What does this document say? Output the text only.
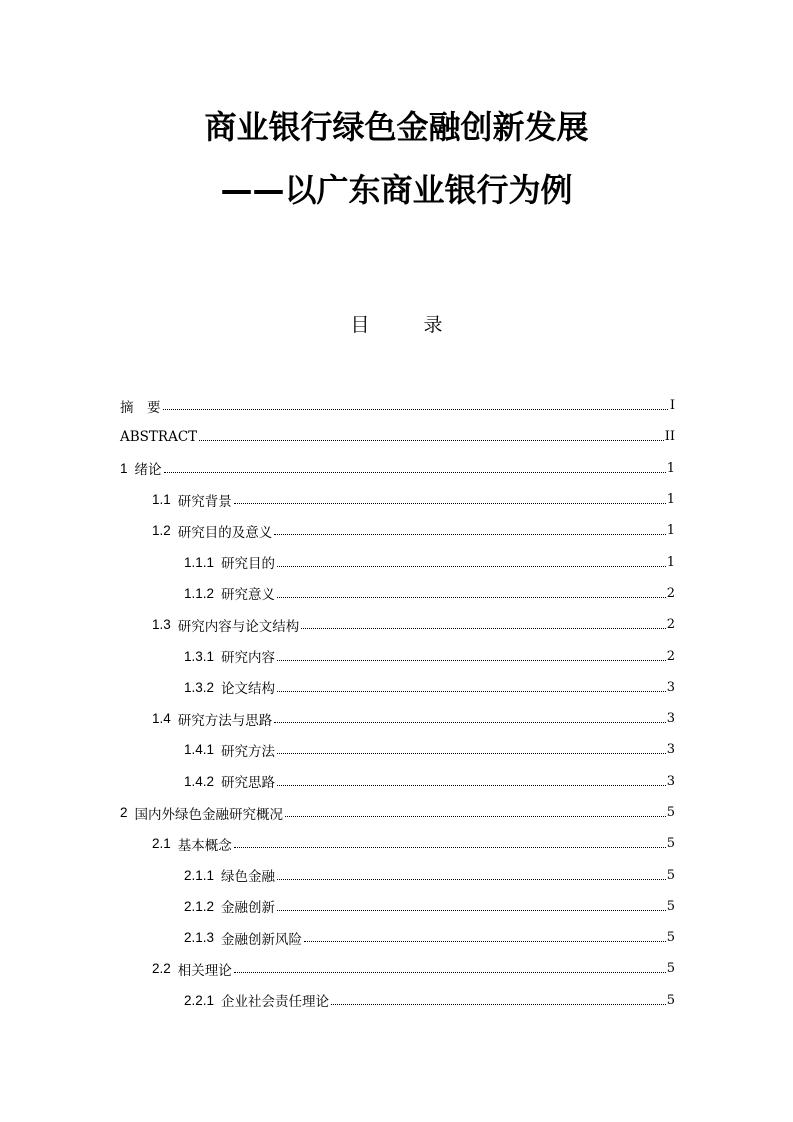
商业银行绿色金融创新发展
——以广东商业银行为例
目 录
摘　要	I
ABSTRACT	II
1 绪论	1
1.1 研究背景	1
1.2 研究目的及意义	1
1.1.1 研究目的	1
1.1.2 研究意义	2
1.3 研究内容与论文结构	2
1.3.1 研究内容	2
1.3.2 论文结构	3
1.4 研究方法与思路	3
1.4.1 研究方法	3
1.4.2 研究思路	3
2 国内外绿色金融研究概况	5
2.1 基本概念	5
2.1.1 绿色金融	5
2.1.2 金融创新	5
2.1.3 金融创新风险	5
2.2 相关理论	5
2.2.1 企业社会责任理论	5
